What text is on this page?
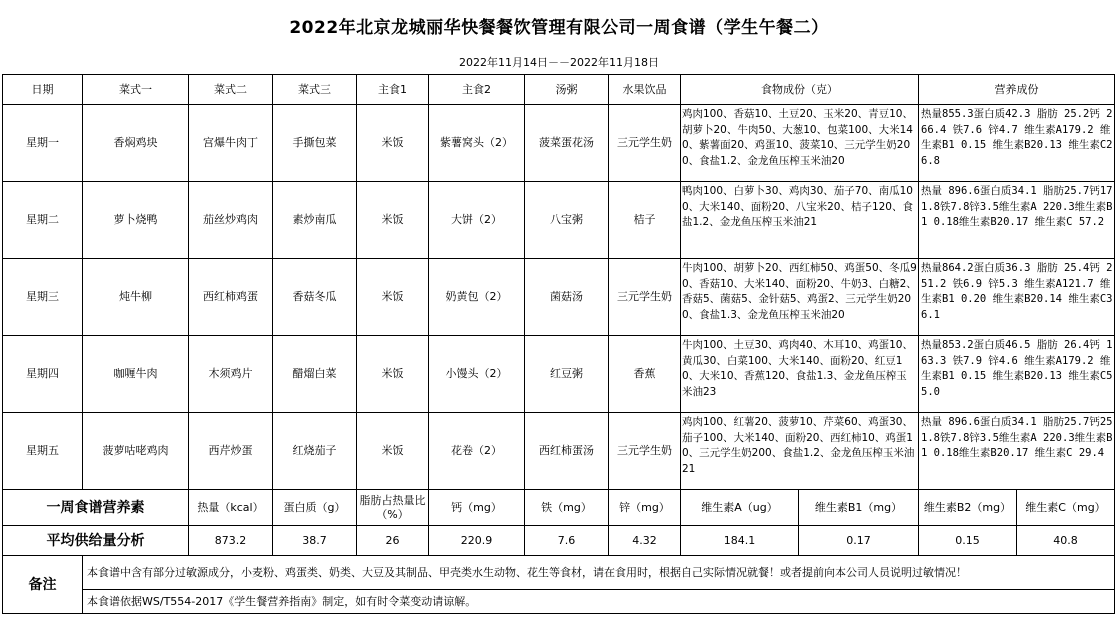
2022年北京龙城丽华快餐餐饮管理有限公司一周食谱（学生午餐二）
2022年11月14日－－2022年11月18日
日期	菜式一	菜式二	菜式三	主食1	主食2	汤粥	水果饮品	食物成份（克）		营养成份	
星期一	香焖鸡块	宫爆牛肉丁	手撕包菜	米饭	紫薯窝头（2）	菠菜蛋花汤	三元学生奶	鸡肉100、香菇10、土豆20、玉米20、青豆10、胡萝卜20、牛肉50、大葱10、包菜100、大米140、紫薯面20、鸡蛋10、菠菜10、三元学生奶200、食盐1.2、金龙鱼压榨玉米油20		热量855.3蛋白质42.3 脂肪 25.2钙 266.4 铁7.6 锌4.7 维生素A179.2 维生素B1 0.15 维生素B20.13 维生素C26.8	
星期二	萝卜烧鸭	茄丝炒鸡肉	素炒南瓜	米饭	大饼（2）	八宝粥	桔子	鸭肉100、白萝卜30、鸡肉30、茄子70、南瓜100、大米140、面粉20、八宝米20、桔子120、食盐1.2、金龙鱼压榨玉米油21		热量 896.6蛋白质34.1 脂肪25.7钙171.8铁7.8锌3.5维生素A 220.3维生素B1 0.18维生素B20.17 维生素C 57.2	
星期三	炖牛柳	西红柿鸡蛋	香菇冬瓜	米饭	奶黄包（2）	菌菇汤	三元学生奶	牛肉100、胡萝卜20、西红柿50、鸡蛋50、冬瓜90、香菇10、大米140、面粉20、牛奶3、白糖2、香菇5、菌菇5、金针菇5、鸡蛋2、三元学生奶200、食盐1.3、金龙鱼压榨玉米油20		热量864.2蛋白质36.3 脂肪 25.4钙 251.2 铁6.9 锌5.3 维生素A121.7 维生素B1 0.20 维生素B20.14 维生素C36.1	
星期四	咖喱牛肉	木须鸡片	醋熘白菜	米饭	小馒头（2）	红豆粥	香蕉	牛肉100、土豆30、鸡肉40、木耳10、鸡蛋10、黄瓜30、白菜100、大米140、面粉20、红豆10、大米10、香蕉120、食盐1.3、金龙鱼压榨玉米油23		热量853.2蛋白质46.5 脂肪 26.4钙 163.3 铁7.9 锌4.6 维生素A179.2 维生素B1 0.15 维生素B20.13 维生素C55.0	
星期五	菠萝咕咾鸡肉	西芹炒蛋	红烧茄子	米饭	花卷（2）	西红柿蛋汤	三元学生奶	鸡肉100、红薯20、菠萝10、芹菜60、鸡蛋30、茄子100、大米140、面粉20、西红柿10、鸡蛋10、三元学生奶200、食盐1.2、金龙鱼压榨玉米油21		热量 896.6蛋白质34.1 脂肪25.7钙251.8铁7.8锌3.5维生素A 220.3维生素B1 0.18维生素B20.17 维生素C 29.4	
一周食谱营养素		热量（kcal）	蛋白质（g）	脂肪占热量比（%）	钙（mg）	铁（mg）	锌（mg）	维生素A（ug）	维生素B1（mg）	维生素B2（mg）	维生素C（mg）
平均供给量分析		873.2	38.7	26	220.9	7.6	4.32	184.1	0.17	0.15	40.8
备注	本食谱中含有部分过敏源成分，小麦粉、鸡蛋类、奶类、大豆及其制品、甲壳类水生动物、花生等食材，请在食用时，根据自己实际情况就餐！或者提前向本公司人员说明过敏情况！										
	本食谱依据WS/T554-2017《学生餐营养指南》制定，如有时令菜变动请谅解。										
